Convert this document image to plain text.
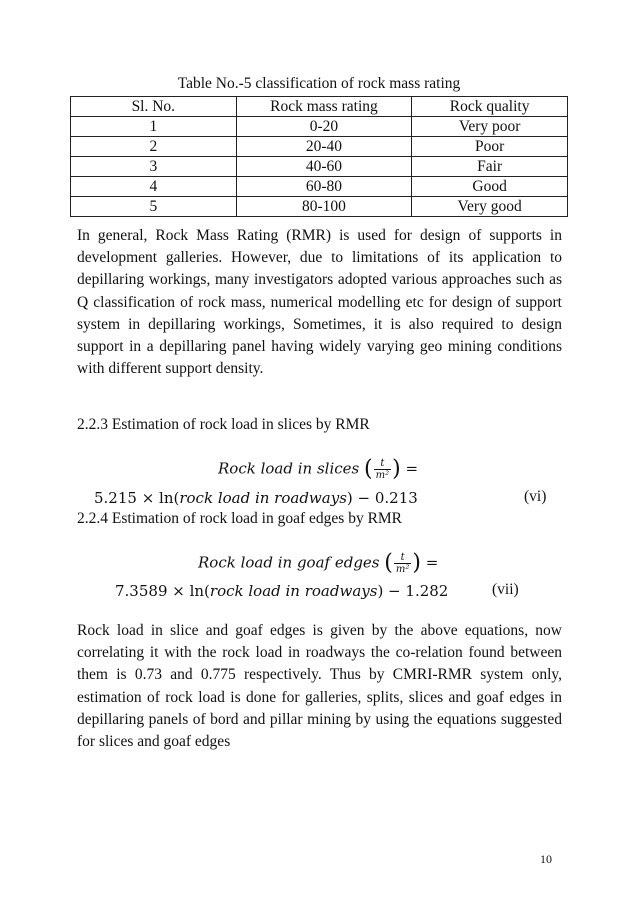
Table No.-5 classification of rock mass rating
Sl. No.	Rock mass rating	Rock quality
1	0-20	Very poor
2	20-40	Poor
3	40-60	Fair
4	60-80	Good
5	80-100	Very good

In general, Rock Mass Rating (RMR) is used for design of supports in development galleries. However, due to limitations of its application to depillaring workings, many investigators adopted various approaches such as Q classification of rock mass, numerical modelling etc for design of support system in depillaring workings, Sometimes, it is also required to design support in a depillaring panel having widely varying geo mining conditions with different support density.

2.2.3 Estimation of rock load in slices by RMR
Rock load in slices ( $\frac{t}{\text{m²}}$ ) =
5.215 × ln(rock load in roadways) − 0.213	(vi)
2.2.4 Estimation of rock load in goaf edges by RMR
Rock load in goaf edges ( $\frac{t}{\text{m²}}$ ) =
7.3589 × ln(rock load in roadways) − 1.282	(vii)

Rock load in slice and goaf edges is given by the above equations, now correlating it with the rock load in roadways the co-relation found between them is 0.73 and 0.775 respectively. Thus by CMRI-RMR system only, estimation of rock load is done for galleries, splits, slices and goaf edges in depillaring panels of bord and pillar mining by using the equations suggested for slices and goaf edges

10
